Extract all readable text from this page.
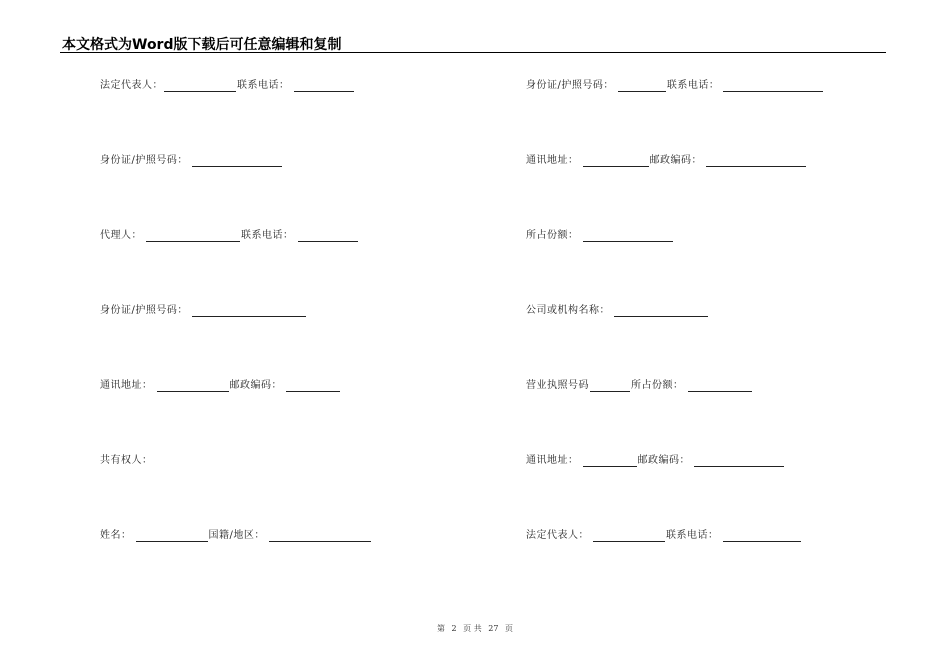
本文格式为Word版下载后可任意编辑和复制
法定代表人：	联系电话：
身份证/护照号码：
代理人：	联系电话：
身份证/护照号码：
通讯地址：	邮政编码：
共有权人：
姓名：	国籍/地区：
身份证/护照号码：	联系电话：
通讯地址：	邮政编码：
所占份额：
公司或机构名称：
营业执照号码	所占份额：
通讯地址：	邮政编码：
法定代表人：	联系电话：
第 2 页 共 27 页
